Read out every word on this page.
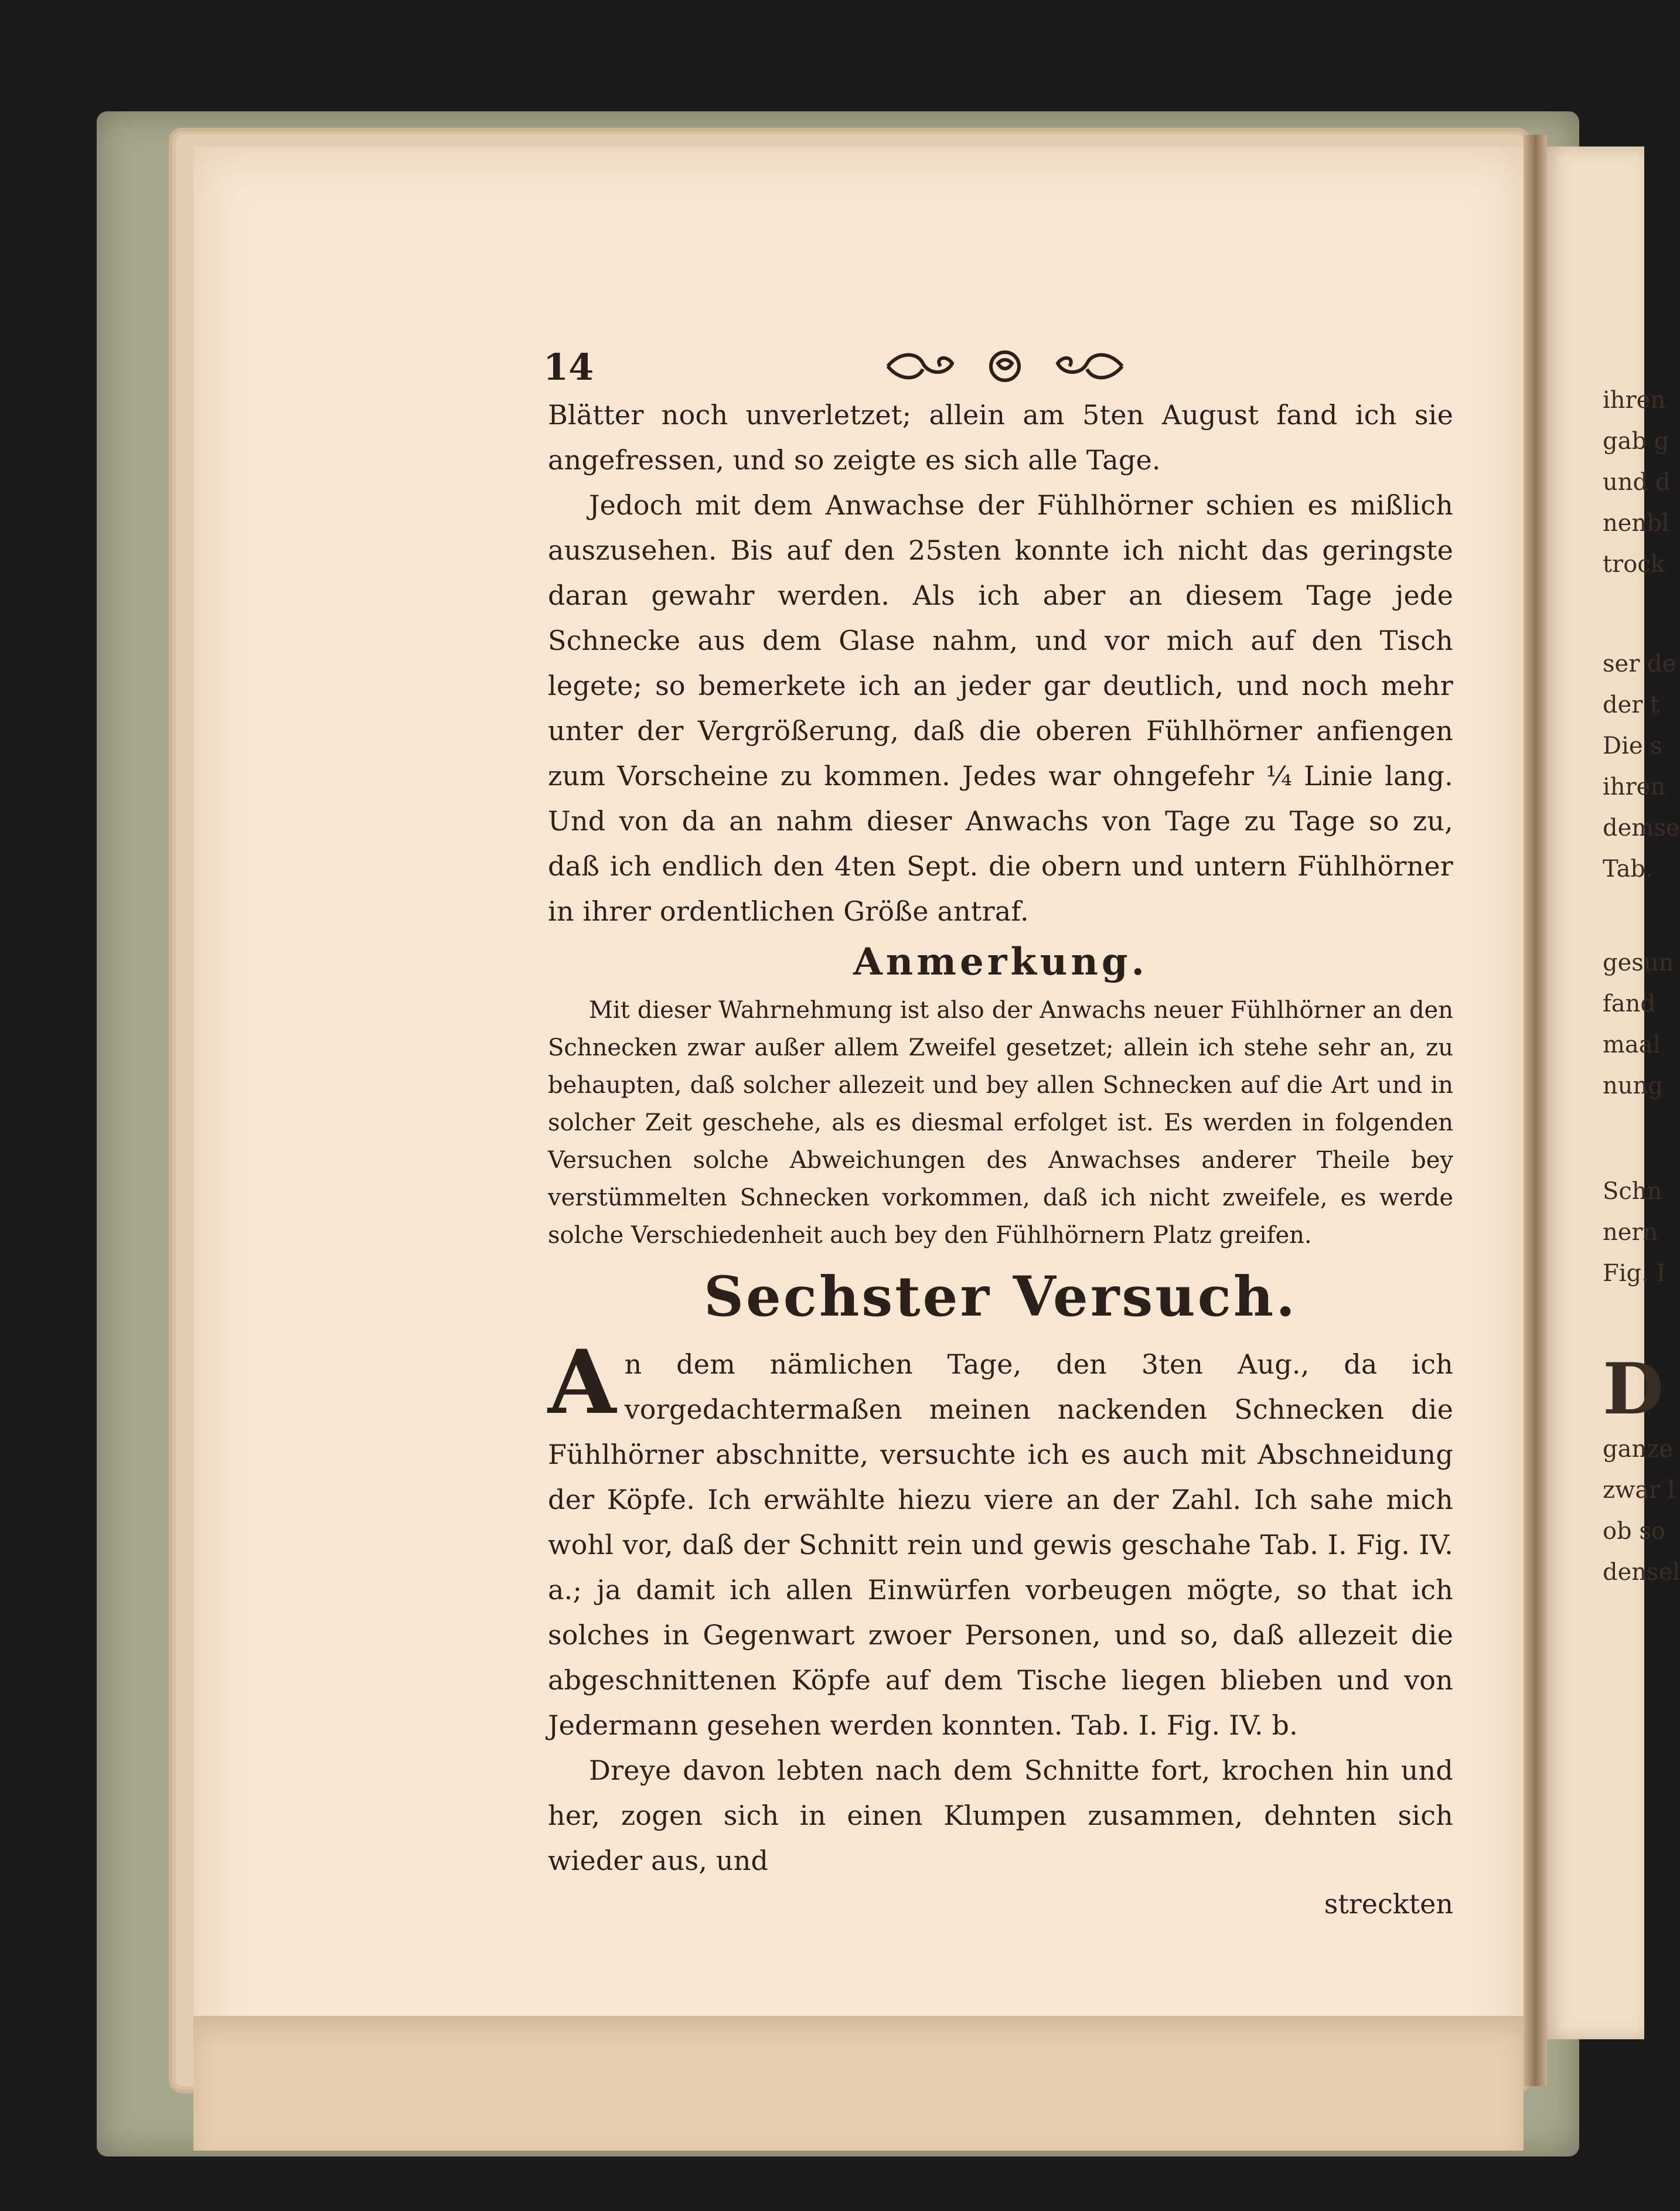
ihren
gab g
und d
nenbl
trock
ser de
der t
Die s
ihren
demse
Tab.
gesun
fand
maal
nung
Schn
nern
Fig. I
D
ganze
zwar l
ob so
densel
14

Blätter noch unverletzet; allein am 5ten August fand ich sie angefressen, und so zeigte es sich alle Tage.

Jedoch mit dem Anwachse der Fühlhörner schien es mißlich auszusehen. Bis auf den 25sten konnte ich nicht das geringste daran gewahr werden. Als ich aber an diesem Tage jede Schnecke aus dem Glase nahm, und vor mich auf den Tisch legete; so bemerkete ich an jeder gar deutlich, und noch mehr unter der Vergrößerung, daß die oberen Fühlhörner anfiengen zum Vorscheine zu kommen. Jedes war ohngefehr ¼ Linie lang. Und von da an nahm dieser Anwachs von Tage zu Tage so zu, daß ich endlich den 4ten Sept. die obern und untern Fühlhörner in ihrer ordentlichen Größe antraf.

Anmerkung.

Mit dieser Wahrnehmung ist also der Anwachs neuer Fühlhörner an den Schnecken zwar außer allem Zweifel gesetzet; allein ich stehe sehr an, zu behaupten, daß solcher allezeit und bey allen Schnecken auf die Art und in solcher Zeit geschehe, als es diesmal erfolget ist. Es werden in folgenden Versuchen solche Abweichungen des Anwachses anderer Theile bey verstümmelten Schnecken vorkommen, daß ich nicht zweifele, es werde solche Verschiedenheit auch bey den Fühlhörnern Platz greifen.

Sechster Versuch.

An dem nämlichen Tage, den 3ten Aug., da ich vorgedachtermaßen meinen nackenden Schnecken die Fühlhörner abschnitte, versuchte ich es auch mit Abschneidung der Köpfe. Ich erwählte hiezu viere an der Zahl. Ich sahe mich wohl vor, daß der Schnitt rein und gewis geschahe Tab. I. Fig. IV. a.; ja damit ich allen Einwürfen vorbeugen mögte, so that ich solches in Gegenwart zwoer Personen, und so, daß allezeit die abgeschnittenen Köpfe auf dem Tische liegen blieben und von Jedermann gesehen werden konnten. Tab. I. Fig. IV. b.

Dreye davon lebten nach dem Schnitte fort, krochen hin und her, zogen sich in einen Klumpen zusammen, dehnten sich wieder aus, und

streckten
